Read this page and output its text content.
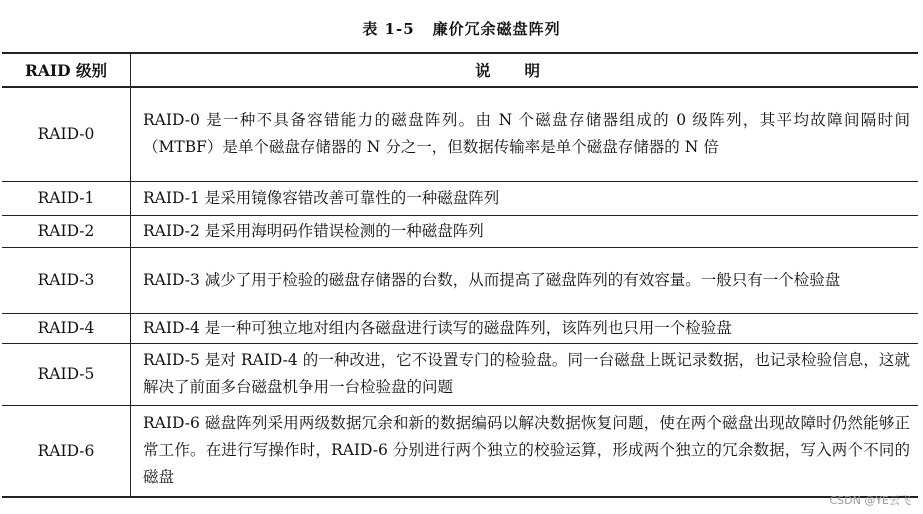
表 1-5 廉价冗余磁盘阵列
RAID 级别	说明
RAID-0	RAID-0 是一种不具备容错能力的磁盘阵列。由 N 个磁盘存储器组成的 0 级阵列，其平均故障间隔时间（MTBF）是单个磁盘存储器的 N 分之一，但数据传输率是单个磁盘存储器的 N 倍
RAID-1	RAID-1 是采用镜像容错改善可靠性的一种磁盘阵列
RAID-2	RAID-2 是采用海明码作错误检测的一种磁盘阵列
RAID-3	RAID-3 减少了用于检验的磁盘存储器的台数，从而提高了磁盘阵列的有效容量。一般只有一个检验盘
RAID-4	RAID-4 是一种可独立地对组内各磁盘进行读写的磁盘阵列，该阵列也只用一个检验盘
RAID-5	RAID-5 是对 RAID-4 的一种改进，它不设置专门的检验盘。同一台磁盘上既记录数据，也记录检验信息，这就解决了前面多台磁盘机争用一台检验盘的问题
RAID-6	RAID-6 磁盘阵列采用两级数据冗余和新的数据编码以解决数据恢复问题，使在两个磁盘出现故障时仍然能够正常工作。在进行写操作时，RAID-6 分别进行两个独立的校验运算，形成两个独立的冗余数据，写入两个不同的磁盘
CSDN @YE云飞
